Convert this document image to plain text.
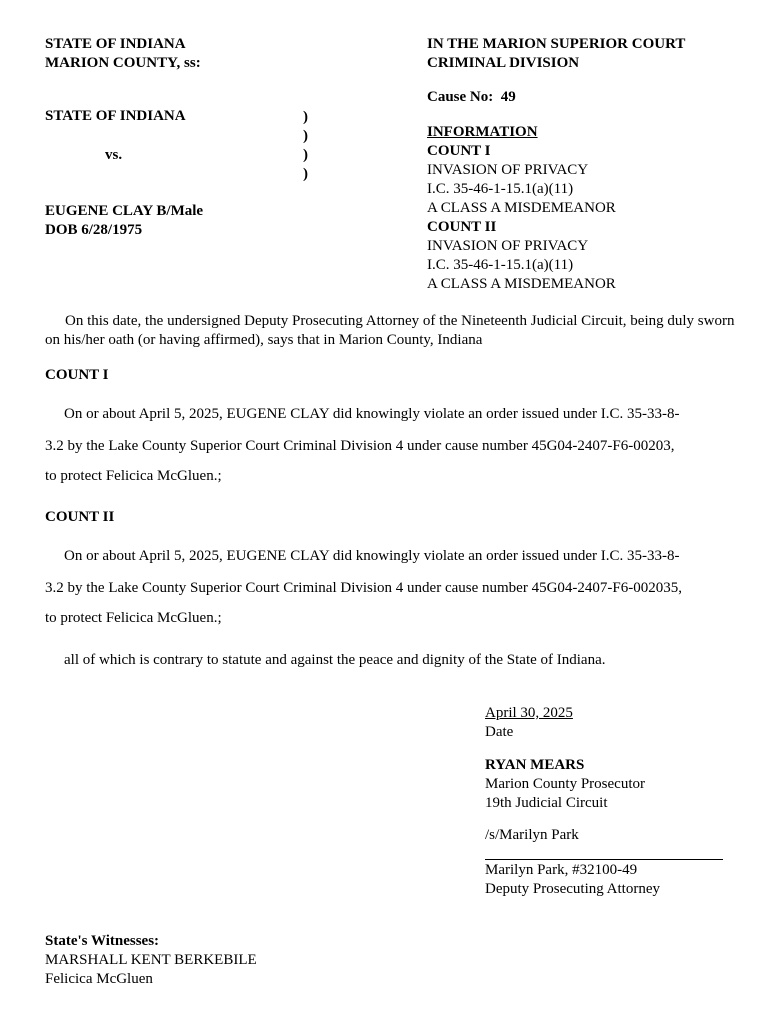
STATE OF INDIANA
MARION COUNTY, ss:
IN THE MARION SUPERIOR COURT
CRIMINAL DIVISION
Cause No: 49
STATE OF INDIANA
vs.
)
)
)
)
EUGENE CLAY B/Male
DOB 6/28/1975
INFORMATION
COUNT I
INVASION OF PRIVACY
I.C. 35-46-1-15.1(a)(11)
A CLASS A MISDEMEANOR
COUNT II
INVASION OF PRIVACY
I.C. 35-46-1-15.1(a)(11)
A CLASS A MISDEMEANOR
On this date, the undersigned Deputy Prosecuting Attorney of the Nineteenth Judicial Circuit, being duly sworn on his/her oath (or having affirmed), says that in Marion County, Indiana
COUNT I
On or about April 5, 2025, EUGENE CLAY did knowingly violate an order issued under I.C. 35-33-8-
3.2 by the Lake County Superior Court Criminal Division 4 under cause number 45G04-2407-F6-00203,
to protect Felicica McGluen.;
COUNT II
On or about April 5, 2025, EUGENE CLAY did knowingly violate an order issued under I.C. 35-33-8-
3.2 by the Lake County Superior Court Criminal Division 4 under cause number 45G04-2407-F6-002035,
to protect Felicica McGluen.;
all of which is contrary to statute and against the peace and dignity of the State of Indiana.
April 30, 2025
Date
RYAN MEARS
Marion County Prosecutor
19th Judicial Circuit
/s/Marilyn Park
Marilyn Park, #32100-49
Deputy Prosecuting Attorney
State's Witnesses:
MARSHALL KENT BERKEBILE
Felicica McGluen
